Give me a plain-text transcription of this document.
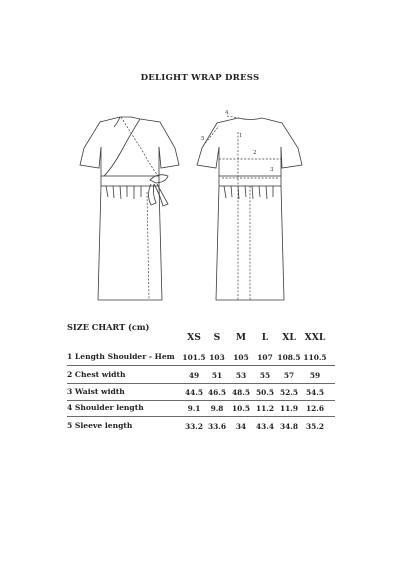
DELIGHT WRAP DRESS
1
2
3
4
5
SIZE CHART (cm)
XS	S	M	L	XL XXL
1 Length Shoulder - Hem	101.5 103	105	107 108.5 110.5
2 Chest width	49	51	53	55	57	59
3 Waist width	44.5 46.5 48.5 50.5 52.5	54.5
4 Shoulder length	9.1	9.8	10.5 11.2 11.9	12.6
5 Sleeve length	33.2 33.6	34	43.4 34.8	35.2
